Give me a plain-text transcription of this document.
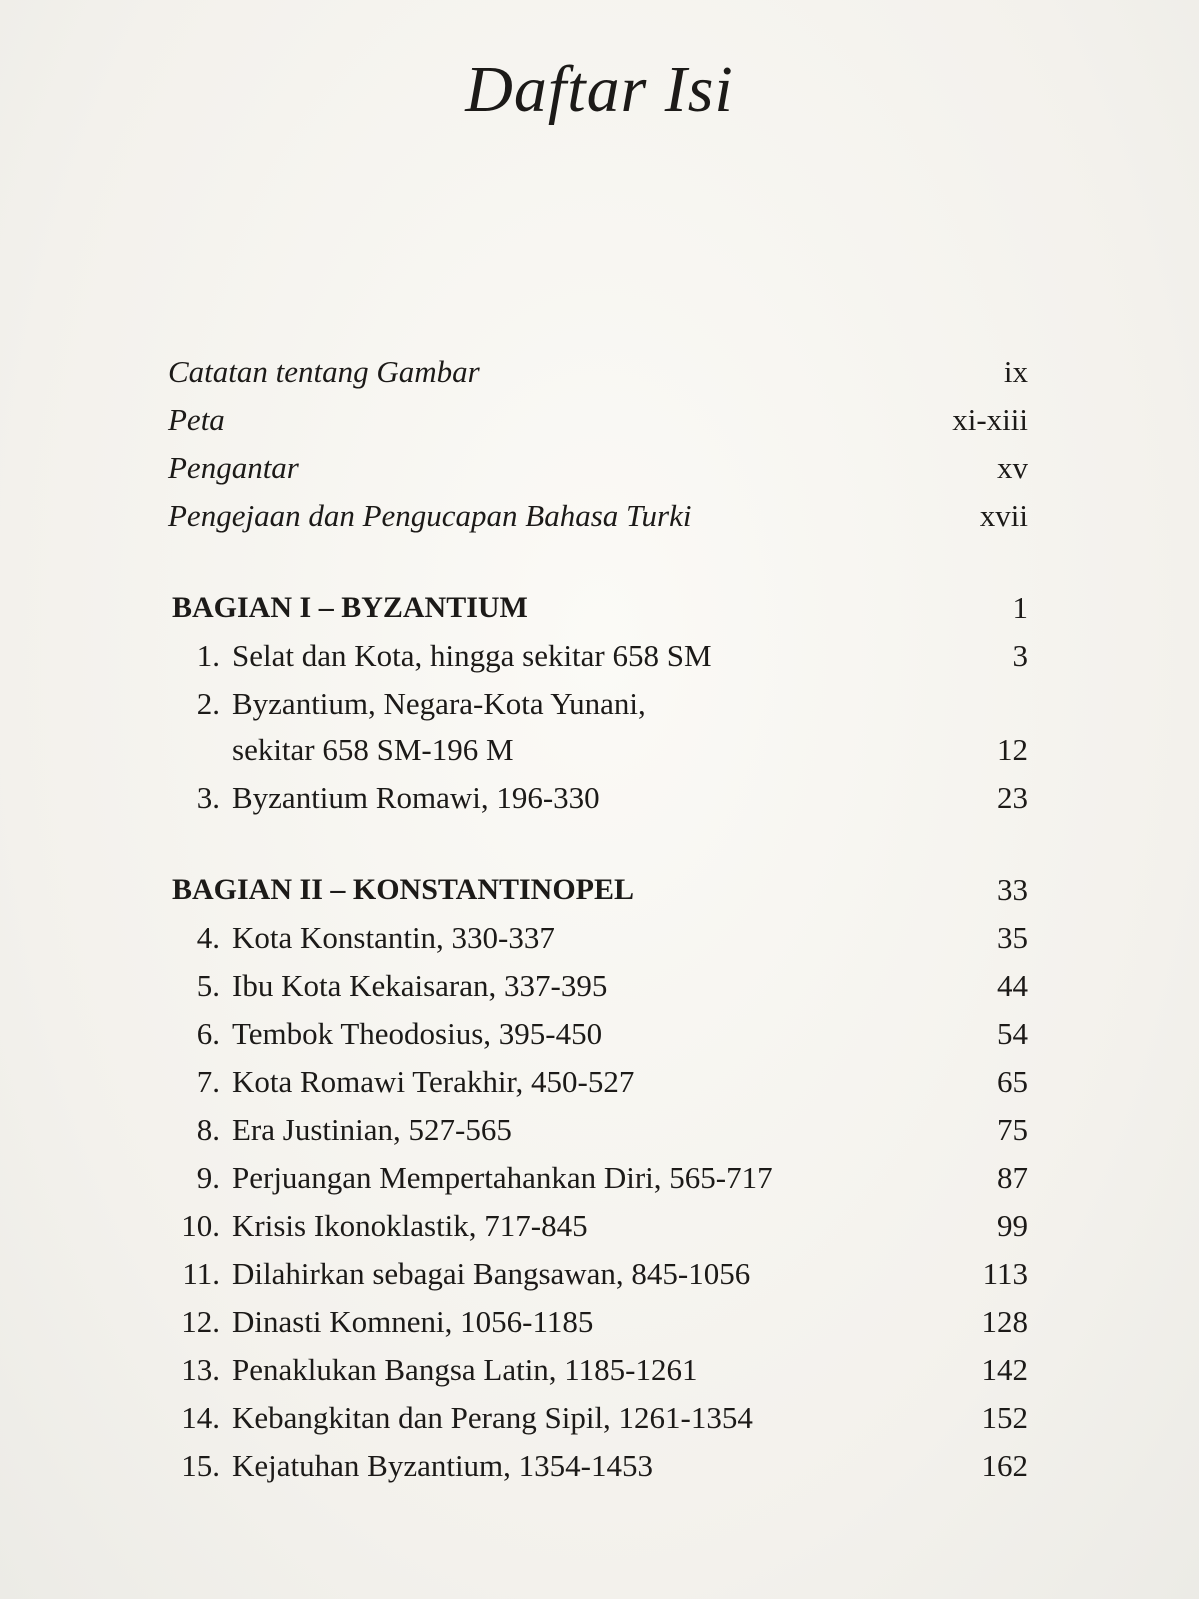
Daftar Isi
Catatan tentang Gambar	ix
Peta	xi-xiii
Pengantar	xv
Pengejaan dan Pengucapan Bahasa Turki	xvii
BAGIAN I – BYZANTIUM	1
1. Selat dan Kota, hingga sekitar 658 SM	3
2. Byzantium, Negara-Kota Yunani,
sekitar 658 SM-196 M	12
3. Byzantium Romawi, 196-330	23
BAGIAN II – KONSTANTINOPEL	33
4. Kota Konstantin, 330-337	35
5. Ibu Kota Kekaisaran, 337-395	44
6. Tembok Theodosius, 395-450	54
7. Kota Romawi Terakhir, 450-527	65
8. Era Justinian, 527-565	75
9. Perjuangan Mempertahankan Diri, 565-717	87
10. Krisis Ikonoklastik, 717-845	99
11. Dilahirkan sebagai Bangsawan, 845-1056	113
12. Dinasti Komneni, 1056-1185	128
13. Penaklukan Bangsa Latin, 1185-1261	142
14. Kebangkitan dan Perang Sipil, 1261-1354	152
15. Kejatuhan Byzantium, 1354-1453	162
